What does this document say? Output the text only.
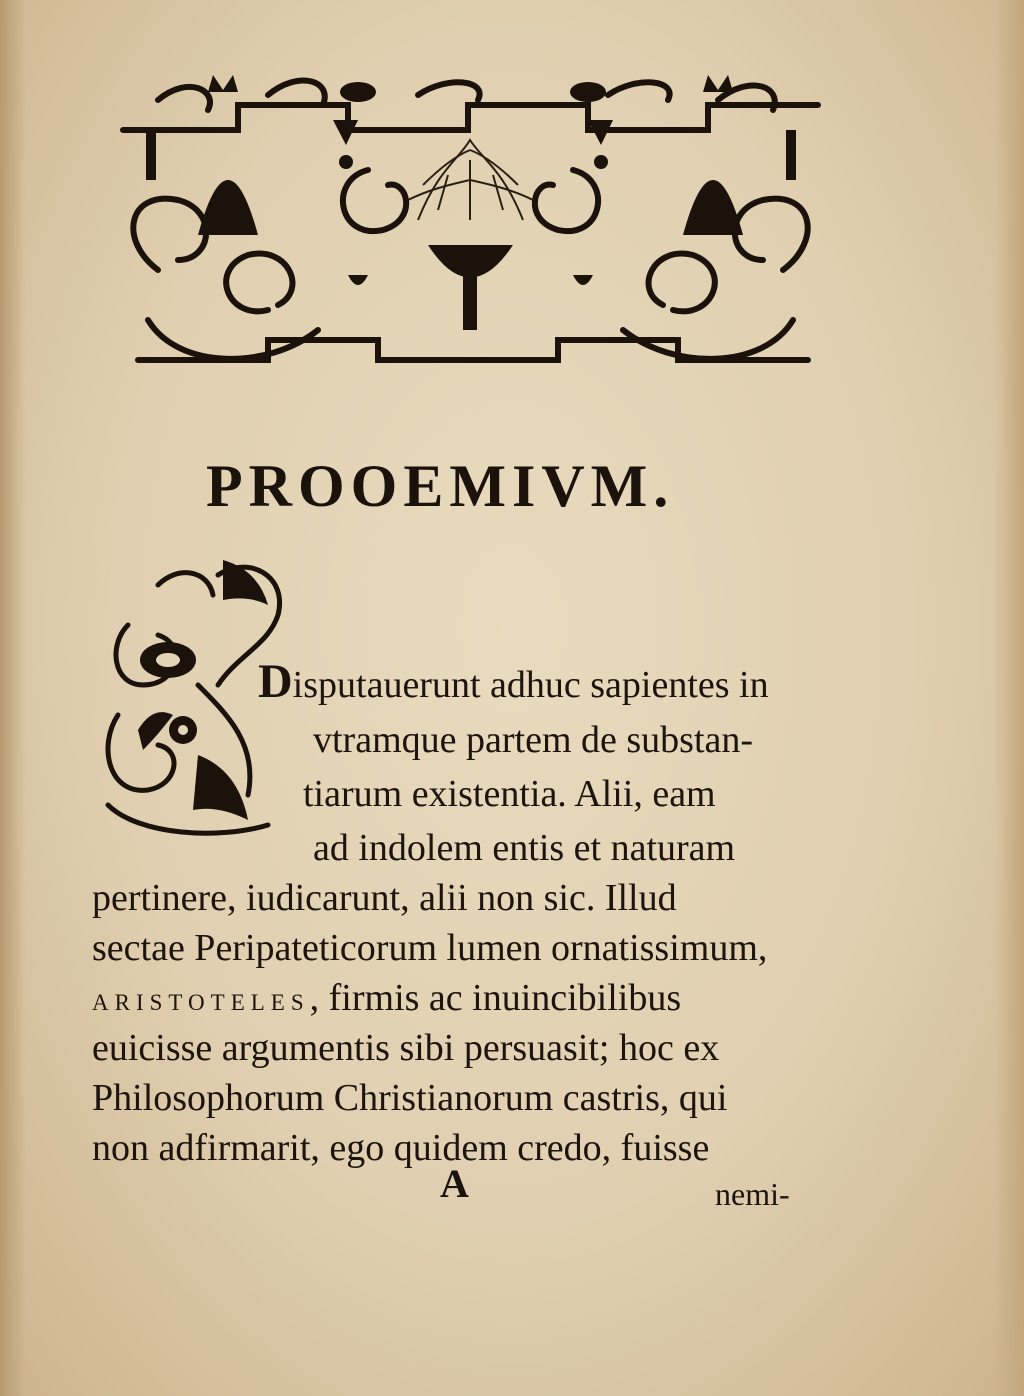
PROOEMIVM.
Disputauerunt adhuc sapientes in
vtramque partem de substan-
tiarum existentia. Alii, eam
ad indolem entis et naturam
pertinere, iudicarunt, alii non sic. Illud
sectae Peripateticorum lumen ornatissimum,
ARISTOTELES, firmis ac inuincibilibus
euicisse argumentis sibi persuasit; hoc ex
Philosophorum Christianorum castris, qui
non adfirmarit, ego quidem credo, fuisse
A	nemi-
